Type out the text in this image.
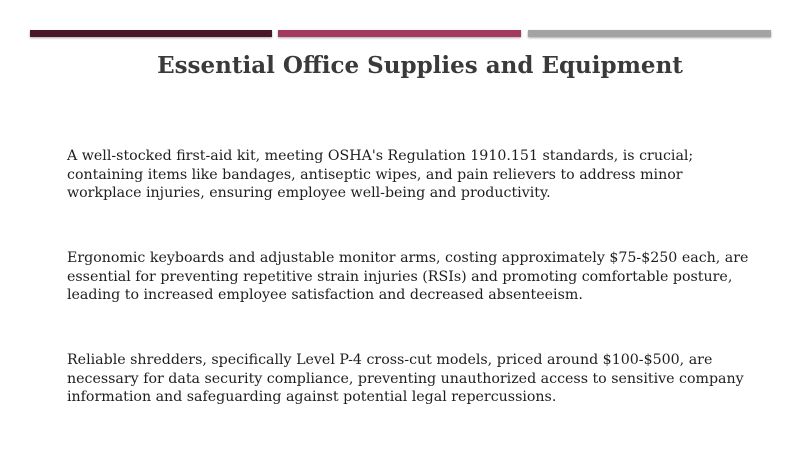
Essential Office Supplies and Equipment
A well-stocked first-aid kit, meeting OSHA's Regulation 1910.151 standards, is crucial;
containing items like bandages, antiseptic wipes, and pain relievers to address minor
workplace injuries, ensuring employee well-being and productivity.
Ergonomic keyboards and adjustable monitor arms, costing approximately $75-$250 each, are
essential for preventing repetitive strain injuries (RSIs) and promoting comfortable posture,
leading to increased employee satisfaction and decreased absenteeism.
Reliable shredders, specifically Level P-4 cross-cut models, priced around $100-$500, are
necessary for data security compliance, preventing unauthorized access to sensitive company
information and safeguarding against potential legal repercussions.
